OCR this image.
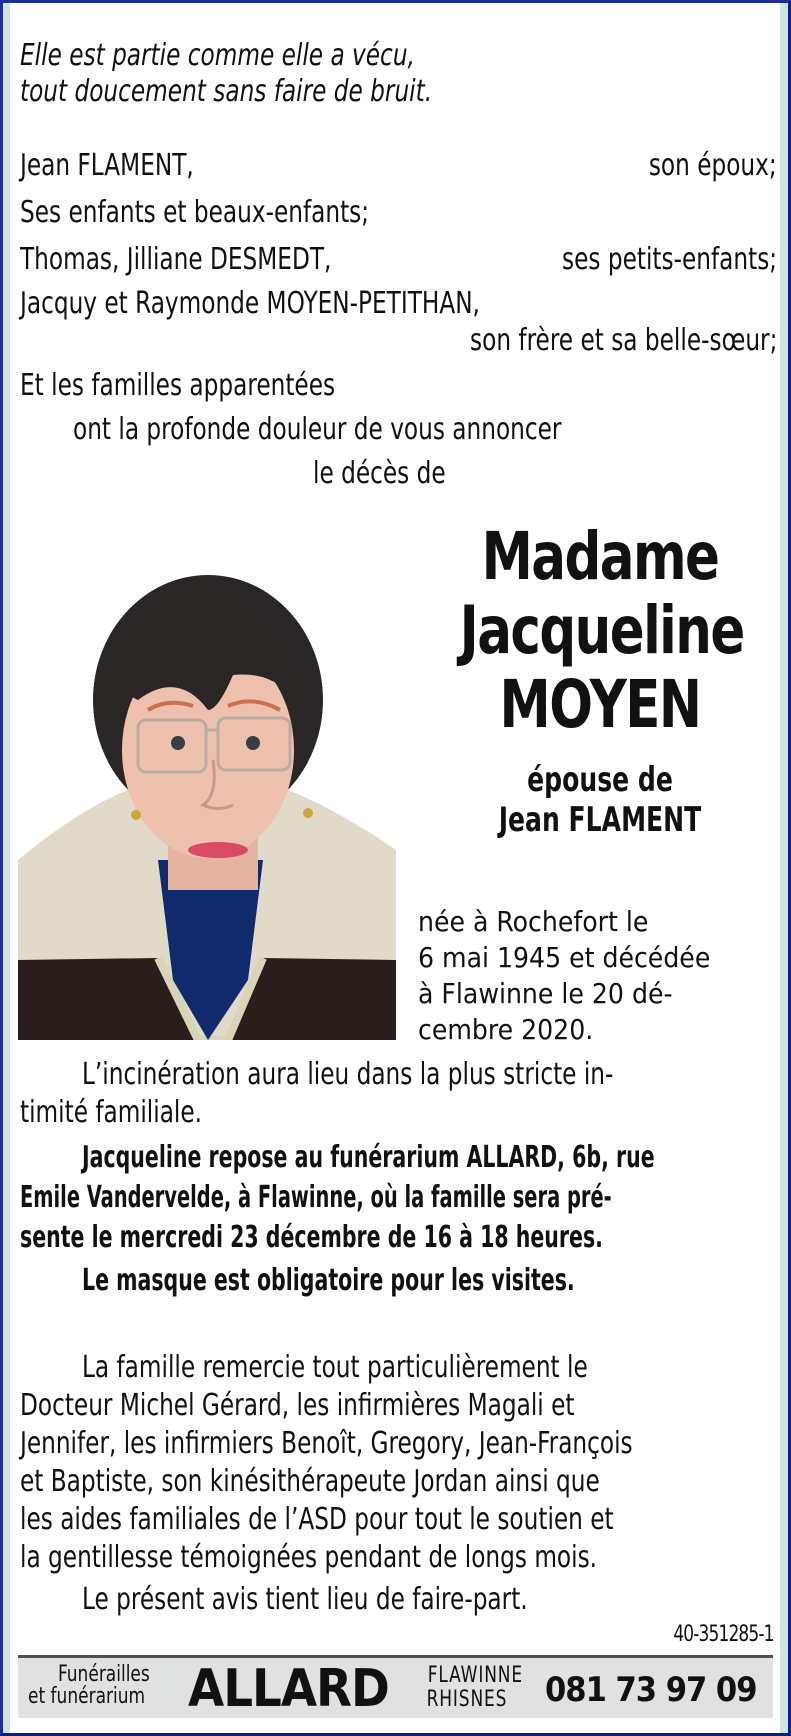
Elle est partie comme elle a vécu,
tout doucement sans faire de bruit.
Jean FLAMENT,	son époux;
Ses enfants et beaux-enfants;
Thomas, Jilliane DESMEDT,	ses petits-enfants;
Jacquy et Raymonde MOYEN-PETITHAN,
son frère et sa belle-sœur;
Et les familles apparentées
ont la profonde douleur de vous annoncer
le décès de
Madame
Jacqueline
MOYEN
épouse de
Jean FLAMENT
née à Rochefort le
6 mai 1945 et décédée
à Flawinne le 20 dé-
cembre 2020.
L’incinération aura lieu dans la plus stricte in-
timité familiale.
Jacqueline repose au funérarium ALLARD, 6b, rue
Emile Vandervelde, à Flawinne, où la famille sera pré-
sente le mercredi 23 décembre de 16 à 18 heures.
Le masque est obligatoire pour les visites.
La famille remercie tout particulièrement le
Docteur Michel Gérard, les infirmières Magali et
Jennifer, les infirmiers Benoît, Gregory, Jean-François
et Baptiste, son kinésithérapeute Jordan ainsi que
les aides familiales de l’ASD pour tout le soutien et
la gentillesse témoignées pendant de longs mois.
Le présent avis tient lieu de faire-part.
40-351285-1
Funérailles
et funérarium ALLARD FLAWINNE
RHISNES 081 73 97 09
